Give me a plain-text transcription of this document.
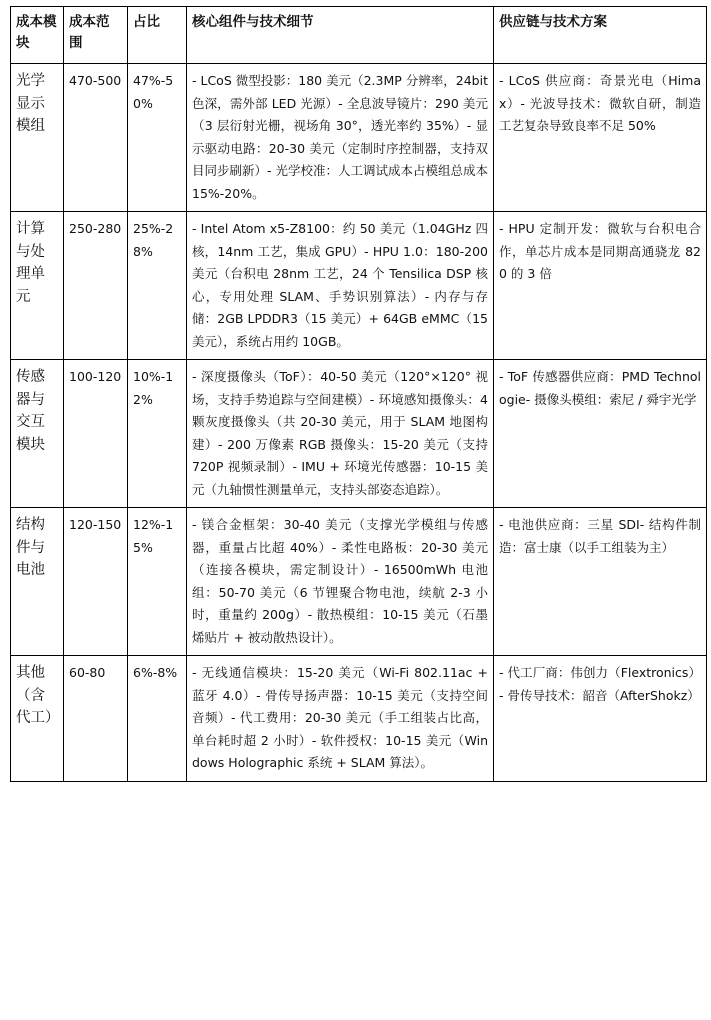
成本模块	成本范围	占比	核心组件与技术细节	供应链与技术方案
光学显示模组	470-500	47%-50%	- LCoS 微型投影：180 美元（2.3MP 分辨率，24bit 色深，需外部 LED 光源）- 全息波导镜片：290 美元（3 层衍射光栅，视场角 30°，透光率约 35%）- 显示驱动电路：20-30 美元（定制时序控制器，支持双目同步刷新）- 光学校准：人工调试成本占模组总成本 15%-20%。	- LCoS 供应商：奇景光电（Himax）- 光波导技术：微软自研，制造工艺复杂导致良率不足 50%
计算与处理单元	250-280	25%-28%	- Intel Atom x5-Z8100：约 50 美元（1.04GHz 四核，14nm 工艺，集成 GPU）- HPU 1.0：180-200 美元（台积电 28nm 工艺，24 个 Tensilica DSP 核心，专用处理 SLAM、手势识别算法）- 内存与存储：2GB LPDDR3（15 美元）+ 64GB eMMC（15 美元），系统占用约 10GB。	- HPU 定制开发：微软与台积电合作，单芯片成本是同期高通骁龙 820 的 3 倍
传感器与交互模块	100-120	10%-12%	- 深度摄像头（ToF）：40-50 美元（120°×120° 视场，支持手势追踪与空间建模）- 环境感知摄像头：4 颗灰度摄像头（共 20-30 美元，用于 SLAM 地图构建）- 200 万像素 RGB 摄像头：15-20 美元（支持 720P 视频录制）- IMU + 环境光传感器：10-15 美元（九轴惯性测量单元，支持头部姿态追踪）。	- ToF 传感器供应商：PMD Technologie- 摄像头模组：索尼 / 舜宇光学
结构件与电池	120-150	12%-15%	- 镁合金框架：30-40 美元（支撑光学模组与传感器，重量占比超 40%）- 柔性电路板：20-30 美元（连接各模块，需定制设计）- 16500mWh 电池组：50-70 美元（6 节锂聚合物电池，续航 2-3 小时，重量约 200g）- 散热模组：10-15 美元（石墨烯贴片 + 被动散热设计）。	- 电池供应商：三星 SDI- 结构件制造：富士康（以手工组装为主）
其他（含代工）	60-80	6%-8%	- 无线通信模块：15-20 美元（Wi-Fi 802.11ac + 蓝牙 4.0）- 骨传导扬声器：10-15 美元（支持空间音频）- 代工费用：20-30 美元（手工组装占比高，单台耗时超 2 小时）- 软件授权：10-15 美元（Windows Holographic 系统 + SLAM 算法）。	- 代工厂商：伟创力（Flextronics）- 骨传导技术：韶音（AfterShokz）
